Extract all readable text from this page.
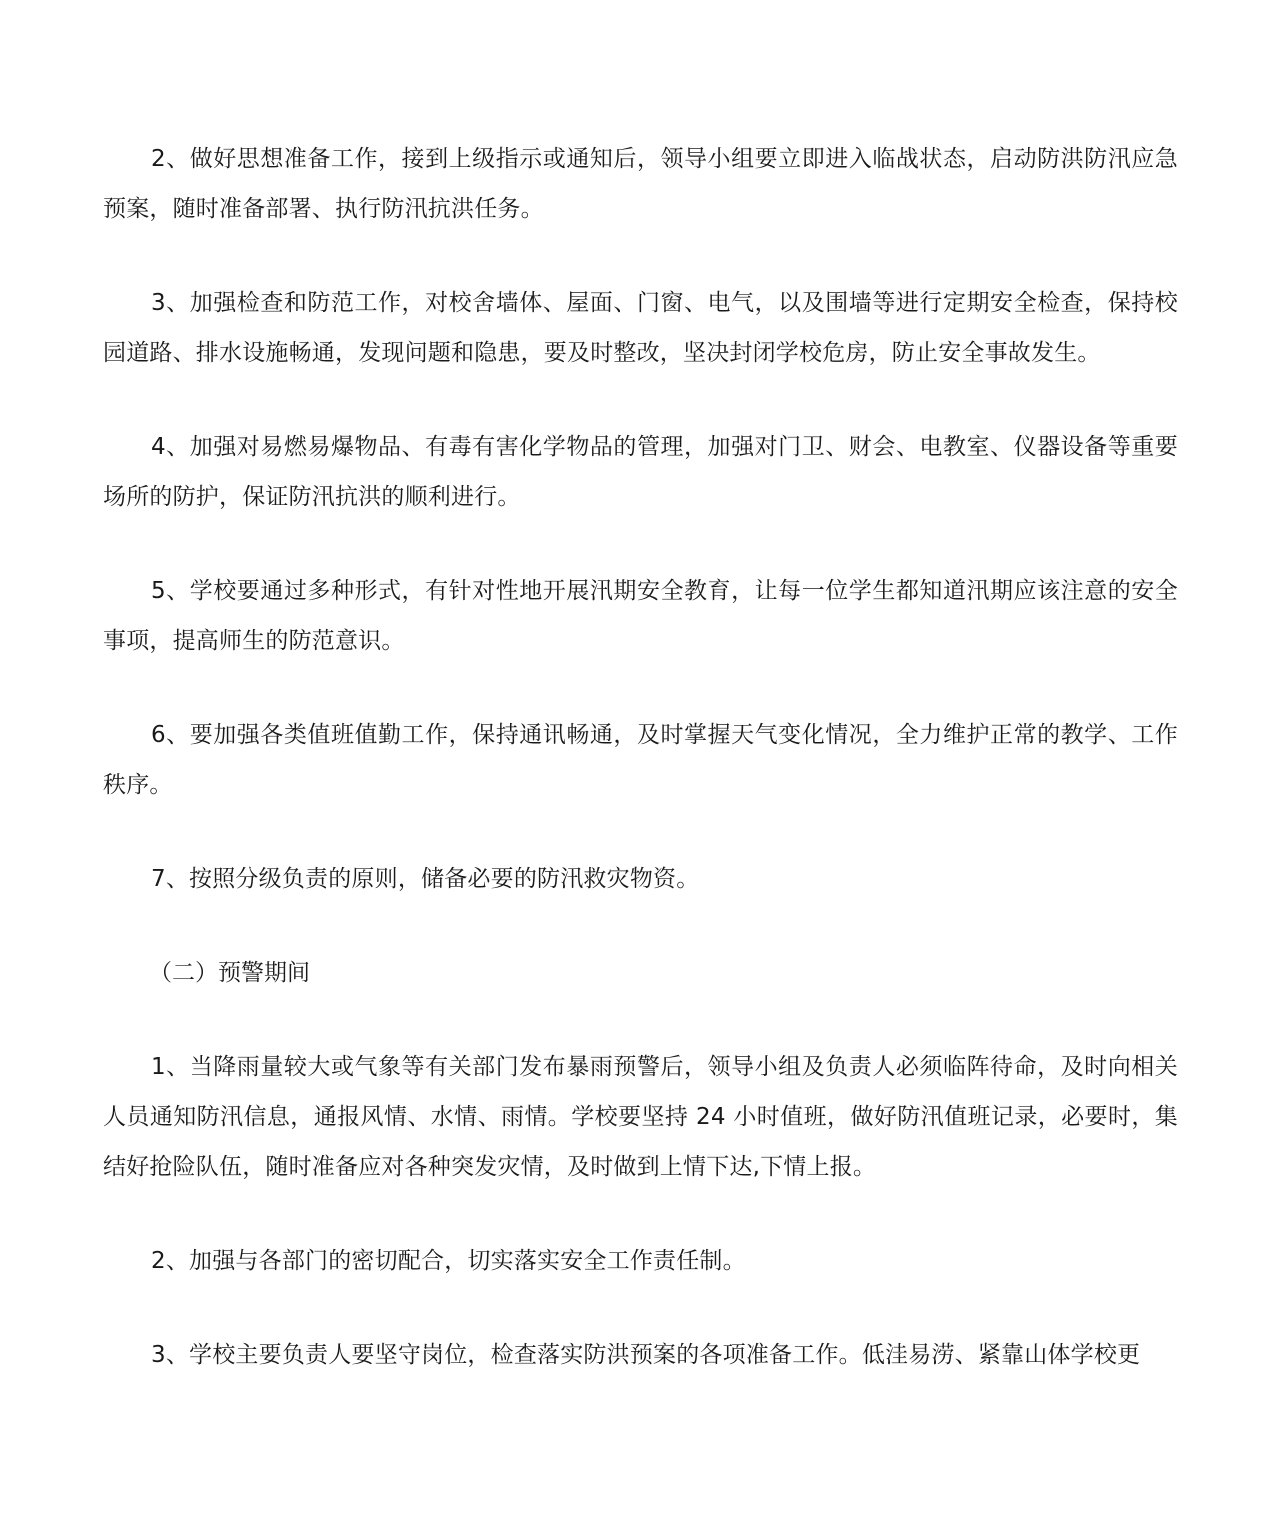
2、做好思想准备工作，接到上级指示或通知后，领导小组要立即进入临战状态，启动防洪防汛应急预案，随时准备部署、执行防汛抗洪任务。

3、加强检查和防范工作，对校舍墙体、屋面、门窗、电气，以及围墙等进行定期安全检查，保持校园道路、排水设施畅通，发现问题和隐患，要及时整改，坚决封闭学校危房，防止安全事故发生。

4、加强对易燃易爆物品、有毒有害化学物品的管理，加强对门卫、财会、电教室、仪器设备等重要场所的防护，保证防汛抗洪的顺利进行。

5、学校要通过多种形式，有针对性地开展汛期安全教育，让每一位学生都知道汛期应该注意的安全事项，提高师生的防范意识。

6、要加强各类值班值勤工作，保持通讯畅通，及时掌握天气变化情况，全力维护正常的教学、工作秩序。

7、按照分级负责的原则，储备必要的防汛救灾物资。

（二）预警期间

1、当降雨量较大或气象等有关部门发布暴雨预警后，领导小组及负责人必须临阵待命，及时向相关人员通知防汛信息，通报风情、水情、雨情。学校要坚持 24 小时值班，做好防汛值班记录，必要时，集结好抢险队伍，随时准备应对各种突发灾情，及时做到上情下达,下情上报。

2、加强与各部门的密切配合，切实落实安全工作责任制。

3、学校主要负责人要坚守岗位，检查落实防洪预案的各项准备工作。低洼易涝、紧靠山体学校更
